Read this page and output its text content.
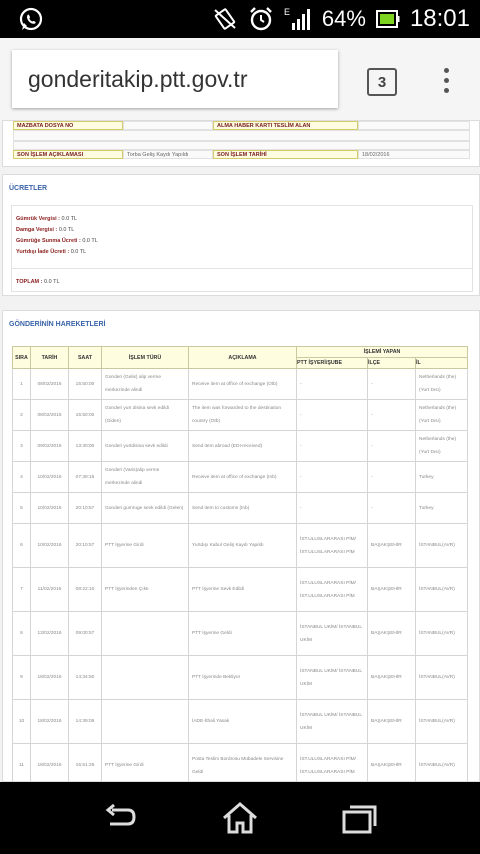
E 64% 18:01
gonderitakip.ptt.gov.tr	3
MAZBATA DOSYA NO	ALMA HABER KARTI TESLİM ALAN
SON İŞLEM AÇIKLAMASI	Torba Geliş Kaydı Yapıldı	SON İŞLEM TARİHİ	18/02/2016
ÜCRETLER
Gümrük Vergisi : 0.0 TL
Damga Vergisi : 0.0 TL
Gümrüğe Sunma Ücreti : 0.0 TL
Yurtdışı İade Ücreti : 0.0 TL
TOPLAM : 0.0 TL
GÖNDERİNİN HAREKETLERİ
SIRA	TARİH	SAAT	İŞLEM TÜRÜ	AÇIKLAMA	İŞLEMİ YAPAN		
					PTT İŞYERİ/ŞUBE	İLÇE	İL
1	08/02/2016	15:50:00	Gonderi (Gelis) alip verme merkezinde alindi	Receive item at office of exchange (Otb)	-	-	Netherlands (the) (Yurt Dısı)
2	08/02/2016	15:50:00	Gonderi yurt disina sevk edildi (Giden)	The item was forwarded to the destination country (Otb)	-	-	Netherlands (the) (Yurt Dısı)
3	09/02/2016	13:30:00	Gonderi yurtdisina sevk edildi	Send item abroad (EDI-received)	-	-	Netherlands (the) (Yurt Dısı)
4	10/02/2016	07:39:16	Gonderi (Varis)alip verme merkezinde alindi	Receive item at office of exchange (Inb)	-	-	Turkey
5	10/02/2016	20:10:57	Gonderi gumruge sevk edildi (Gelen)	Send item to customs (Inb)	-	-	Turkey
6	10/02/2016	20:10:57	PTT İşyerine Girdi	Yurtdışı Kabul Geliş Kaydı Yapıldı	İST.ULUSLARARASI PİM/İST.ULUSLARARASI PİM	BAŞAKŞEHİR	İSTANBUL(AVR)
7	11/02/2016	08:22:10	PTT İşyerinden Çıktı	PTT İşyerine Sevk Edildi	İST.ULUSLARARASI PİM/İST.ULUSLARARASI PİM	BAŞAKŞEHİR	İSTANBUL(AVR)
8	13/02/2016	09:00:57		PTT İşyerine Geldi	İSTANBUL UKİM/ İSTANBUL UKİM	BAŞAKŞEHİR	İSTANBUL(AVR)
9	18/02/2016	14:34:50		PTT İşyerinde Bekliyor	İSTANBUL UKİM/ İSTANBUL UKİM	BAŞAKŞEHİR	İSTANBUL(AVR)
10	18/02/2016	14:39:06		İADE-İthali Yasak	İSTANBUL UKİM/ İSTANBUL UKİM	BAŞAKŞEHİR	İSTANBUL(AVR)
11	18/02/2016	15:51:25	PTT İşyerine Girdi	Posta Teslim Bordrosu Mübadele Servisine Geldi	İST.ULUSLARARASI PİM/İST.ULUSLARARASI PİM	BAŞAKŞEHİR	İSTANBUL(AVR)
